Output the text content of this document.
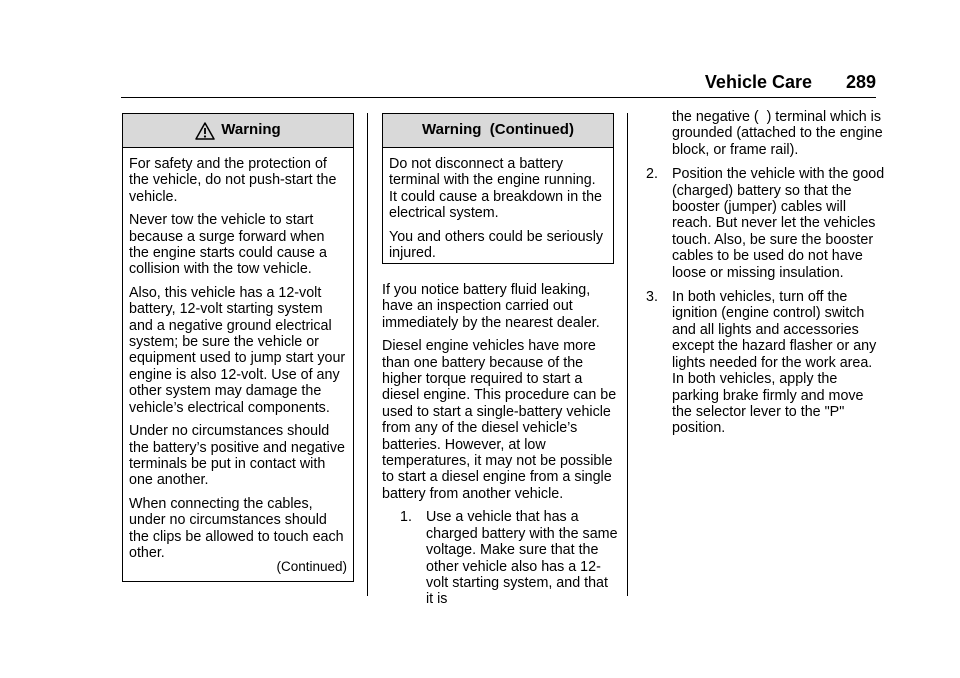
Vehicle Care 289
Warning

For safety and the protection of the vehicle, do not push-start the vehicle.

Never tow the vehicle to start because a surge forward when the engine starts could cause a collision with the tow vehicle.

Also, this vehicle has a 12-volt battery, 12-volt starting system and a negative ground electrical system; be sure the vehicle or equipment used to jump start your engine is also 12-volt. Use of any other system may damage the vehicle’s electrical components.

Under no circumstances should the battery’s positive and negative terminals be put in contact with one another.

When connecting the cables, under no circumstances should the clips be allowed to touch each other.

(Continued)
Warning  (Continued)

Do not disconnect a battery terminal with the engine running. It could cause a breakdown in the electrical system.

You and others could be seriously injured.

If you notice battery fluid leaking, have an inspection carried out immediately by the nearest dealer.

Diesel engine vehicles have more than one battery because of the higher torque required to start a diesel engine. This procedure can be used to start a single-battery vehicle from any of the diesel vehicle’s batteries. However, at low temperatures, it may not be possible to start a diesel engine from a single battery from another vehicle.

1. Use a vehicle that has a charged battery with the same voltage. Make sure that the other vehicle also has a 12-volt starting system, and that it is
the negative (  ) terminal which is grounded (attached to the engine block, or frame rail).
2. Position the vehicle with the good (charged) battery so that the booster (jumper) cables will reach. But never let the vehicles touch. Also, be sure the booster cables to be used do not have loose or missing insulation.
3. In both vehicles, turn off the ignition (engine control) switch and all lights and accessories except the hazard flasher or any lights needed for the work area. In both vehicles, apply the parking brake firmly and move the selector lever to the "P" position.
